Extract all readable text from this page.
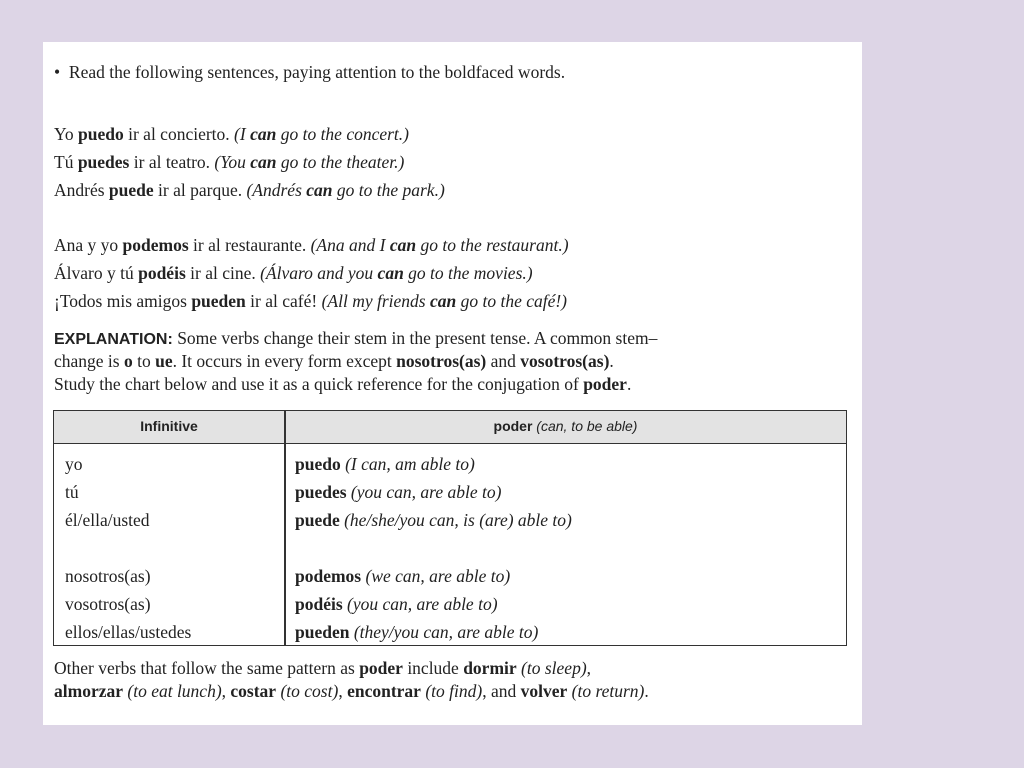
• Read the following sentences, paying attention to the boldfaced words.
Yo puedo ir al concierto. (I can go to the concert.)
Tú puedes ir al teatro. (You can go to the theater.)
Andrés puede ir al parque. (Andrés can go to the park.)
Ana y yo podemos ir al restaurante. (Ana and I can go to the restaurant.)
Álvaro y tú podéis ir al cine. (Álvaro and you can go to the movies.)
¡Todos mis amigos pueden ir al café! (All my friends can go to the café!)
EXPLANATION: Some verbs change their stem in the present tense. A common stem–
change is o to ue. It occurs in every form except nosotros(as) and vosotros(as).
Study the chart below and use it as a quick reference for the conjugation of poder.
Infinitive	poder (can, to be able)
yo	puedo (I can, am able to)
tú	puedes (you can, are able to)
él/ella/usted	puede (he/she/you can, is (are) able to)
nosotros(as)	podemos (we can, are able to)
vosotros(as)	podéis (you can, are able to)
ellos/ellas/ustedes	pueden (they/you can, are able to)
Other verbs that follow the same pattern as poder include dormir (to sleep),
almorzar (to eat lunch), costar (to cost), encontrar (to find), and volver (to return).
